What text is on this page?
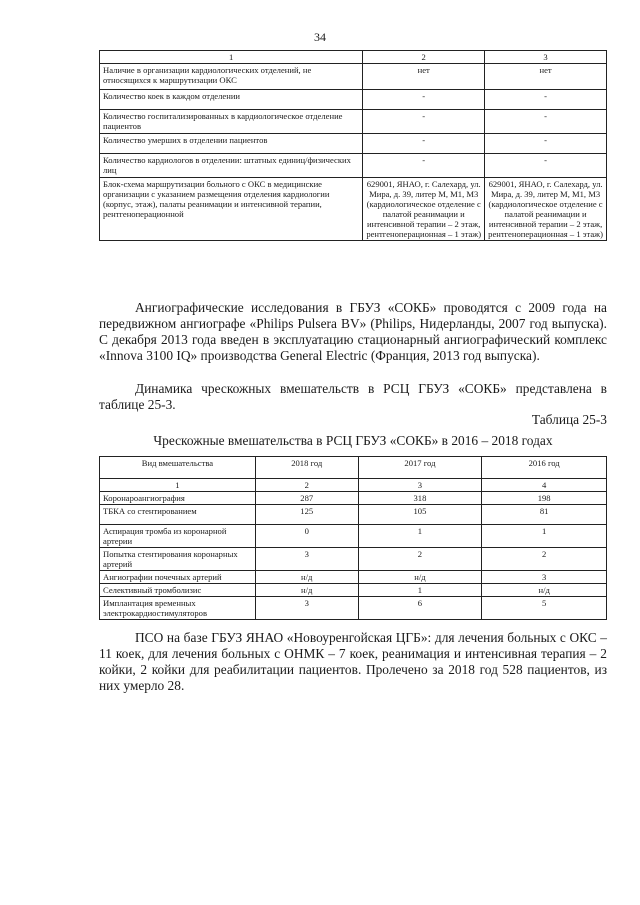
34
1	2	3
Наличие в организации кардиологических отделений, не относящихся к маршрутизации ОКС	нет	нет
Количество коек в каждом отделении	-	-
Количество госпитализированных в кардиологическое отделение пациентов	-	-
Количество умерших в отделении пациентов	-	-
Количество кардиологов в отделении: штатных единиц/физических лиц	-	-
Блок-схема маршрутизации больного с ОКС в медицинские организации с указанием размещения отделения кардиологии (корпус, этаж), палаты реанимации и интенсивной терапии, рентгеноперационной	629001, ЯНАО, г. Салехард, ул. Мира, д. 39, литер М, М1, М3 (кардиологическое отделение с палатой реанимации и интенсивной терапии – 2 этаж, рентгеноперационная – 1 этаж)	629001, ЯНАО, г. Салехард, ул. Мира, д. 39, литер М, М1, М3 (кардиологическое отделение с палатой реанимации и интенсивной терапии – 2 этаж, рентгеноперационная – 1 этаж)
Ангиографические исследования в ГБУЗ «СОКБ» проводятся с 2009 года на передвижном ангиографе «Philips Pulsera BV» (Philips, Нидерланды, 2007 год выпуска). С декабря 2013 года введен в эксплуатацию стационарный ангиографический комплекс «Innova 3100 IQ» производства General Electric (Франция, 2013 год выпуска).
Динамика чрескожных вмешательств в РСЦ ГБУЗ «СОКБ» представлена в таблице 25-3.
Таблица 25-3
Чрескожные вмешательства в РСЦ ГБУЗ «СОКБ» в 2016 – 2018 годах
Вид вмешательства	2018 год	2017 год	2016 год
1	2	3	4
Коронароангиография	287	318	198
ТБКА со стентированием	125	105	81
Аспирация тромба из коронарной артерии	0	1	1
Попытка стентирования коронарных артерий	3	2	2
Ангиографии почечных артерий	н/д	н/д	3
Селективный тромболизис	н/д	1	н/д
Имплантация временных электрокардиостимуляторов	3	6	5
ПСО на базе ГБУЗ ЯНАО «Новоуренгойская ЦГБ»: для лечения больных с ОКС – 11 коек, для лечения больных с ОНМК – 7 коек, реанимация и интенсивная терапия – 2 койки, 2 койки для реабилитации пациентов. Пролечено за 2018 год 528 пациентов, из них умерло 28.
